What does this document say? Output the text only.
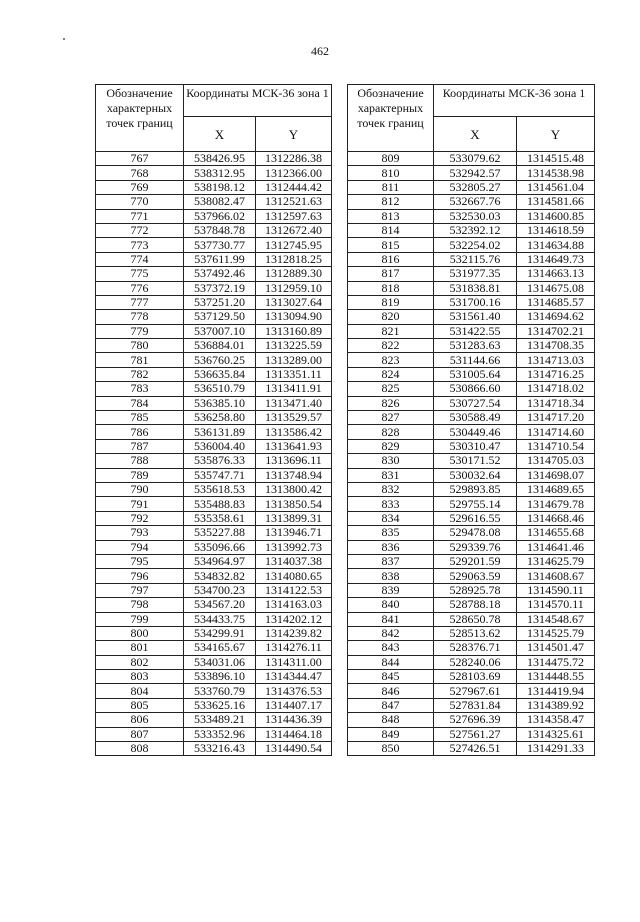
462
Обозначение характерных точек границ	Координаты МСК-36 зона 1	
	X	Y
767	538426.95	1312286.38
768	538312.95	1312366.00
769	538198.12	1312444.42
770	538082.47	1312521.63
771	537966.02	1312597.63
772	537848.78	1312672.40
773	537730.77	1312745.95
774	537611.99	1312818.25
775	537492.46	1312889.30
776	537372.19	1312959.10
777	537251.20	1313027.64
778	537129.50	1313094.90
779	537007.10	1313160.89
780	536884.01	1313225.59
781	536760.25	1313289.00
782	536635.84	1313351.11
783	536510.79	1313411.91
784	536385.10	1313471.40
785	536258.80	1313529.57
786	536131.89	1313586.42
787	536004.40	1313641.93
788	535876.33	1313696.11
789	535747.71	1313748.94
790	535618.53	1313800.42
791	535488.83	1313850.54
792	535358.61	1313899.31
793	535227.88	1313946.71
794	535096.66	1313992.73
795	534964.97	1314037.38
796	534832.82	1314080.65
797	534700.23	1314122.53
798	534567.20	1314163.03
799	534433.75	1314202.12
800	534299.91	1314239.82
801	534165.67	1314276.11
802	534031.06	1314311.00
803	533896.10	1314344.47
804	533760.79	1314376.53
805	533625.16	1314407.17
806	533489.21	1314436.39
807	533352.96	1314464.18
808	533216.43	1314490.54
Обозначение характерных точек границ	Координаты МСК-36 зона 1	
	X	Y
809	533079.62	1314515.48
810	532942.57	1314538.98
811	532805.27	1314561.04
812	532667.76	1314581.66
813	532530.03	1314600.85
814	532392.12	1314618.59
815	532254.02	1314634.88
816	532115.76	1314649.73
817	531977.35	1314663.13
818	531838.81	1314675.08
819	531700.16	1314685.57
820	531561.40	1314694.62
821	531422.55	1314702.21
822	531283.63	1314708.35
823	531144.66	1314713.03
824	531005.64	1314716.25
825	530866.60	1314718.02
826	530727.54	1314718.34
827	530588.49	1314717.20
828	530449.46	1314714.60
829	530310.47	1314710.54
830	530171.52	1314705.03
831	530032.64	1314698.07
832	529893.85	1314689.65
833	529755.14	1314679.78
834	529616.55	1314668.46
835	529478.08	1314655.68
836	529339.76	1314641.46
837	529201.59	1314625.79
838	529063.59	1314608.67
839	528925.78	1314590.11
840	528788.18	1314570.11
841	528650.78	1314548.67
842	528513.62	1314525.79
843	528376.71	1314501.47
844	528240.06	1314475.72
845	528103.69	1314448.55
846	527967.61	1314419.94
847	527831.84	1314389.92
848	527696.39	1314358.47
849	527561.27	1314325.61
850	527426.51	1314291.33
